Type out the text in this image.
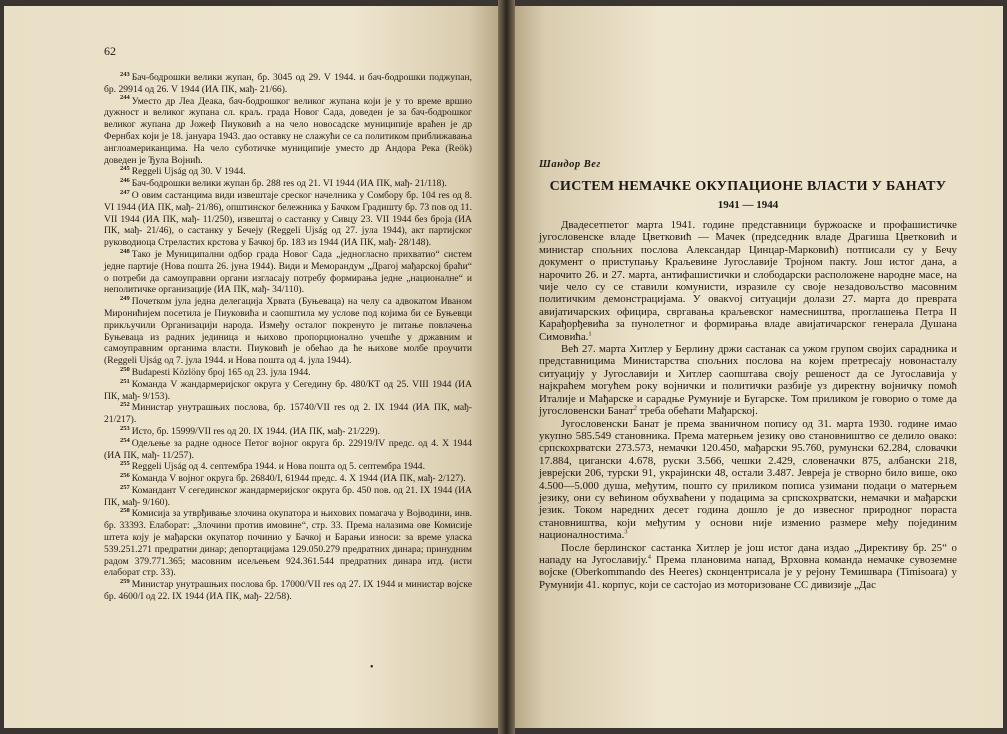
62

$^{243}$ Бач-бодрошки велики жупан, бр. 3045 од 29. V 1944. и бач-бодрошки поджупан, бр. 29914 од 26. V 1944 (ИА ПК, мађ- 21/66).

$^{244}$ Уместо др Леа Деака, бач-бодрошког великог жупана који је у то време вршио дужност и великог жупана сл. краљ. града Новог Сада, доведен је за бач-бодрошког великог жупана др Јожеф Пиуковић а на чело новосадске муниципије враћен је др Фернбах који је 18. јануара 1943. дао оставку не слажући се са политиком приближавања англоамериканцима. На чело суботичке муниципије уместо др Андора Река (Reök) доведен је Ђула Војнић.

$^{245}$ Reggeli Ujság од 30. V 1944.

$^{246}$ Бач-бодрошки велики жупан бр. 288 res од 21. VI 1944 (ИА ПК, мађ- 21/118).

$^{247}$ О овим састанцима види извештаје среског начелника у Сомбору бр. 104 res од 8. VI 1944 (ИА ПК, мађ- 21/86), општинског бележника у Бачком Градишту бр. 73 пов од 11. VII 1944 (ИА ПК, мађ- 11/250), извештај о састанку у Сивцу 23. VII 1944 без броја (ИА ПК, мађ- 21/46), о састанку у Бечеју (Reggeli Ujság од 27. јула 1944), акт партијског руководиоца Стреластих крстова у Бачкој бр. 183 из 1944 (ИА ПК, мађ- 28/148).

$^{248}$ Тако је Муниципални одбор града Новог Сада „једногласно прихватио“ систем једне партије (Нова пошта 26. јуна 1944). Види и Меморандум „Драгој мађарској браћи“ о потреби да самоуправни органи изгласају потребу формирања једне „националне“ и неполитичке организације (ИА ПК, мађ- 34/110).

$^{249}$ Почетком јула једна делегација Хрвата (Буњеваца) на челу са адвокатом Иваном Миронићијем посетила је Пиуковића и саопштила му услове под којима би се Буњевци прикључили Организацији народа. Између осталог покренуто је питање повлачења Буњеваца из радних јединица и њихово пропорционално учешће у државним и самоуправним органима власти. Пиуковић је обећао да ће њихове молбе проучити (Reggeli Ujság од 7. јула 1944. и Нова пошта од 4. јула 1944).

$^{250}$ Budapesti Közlöny број 165 од 23. јула 1944.

$^{251}$ Команда V жандармеријског округа у Сегедину бр. 480/КТ од 25. VIII 1944 (ИА ПК, мађ- 9/153).

$^{252}$ Министар унутрашњих послова, бр. 15740/VII res од 2. IX 1944 (ИА ПК, мађ- 21/217).

$^{253}$ Исто, бр. 15999/VII res од 20. IX 1944. (ИА ПК, мађ- 21/229).

$^{254}$ Одељење за радне односе Петог војног округа бр. 22919/IV предс. од 4. X 1944 (ИА ПК, мађ- 11/257).

$^{255}$ Reggeli Ujság од 4. септембра 1944. и Нова пошта од 5. септембра 1944.

$^{256}$ Команда V војног округа бр. 26840/I, 61944 предс. 4. X 1944 (ИА ПК, мађ- 2/127).

$^{257}$ Командант V сегединског жандармеријског округа бр. 450 пов. од 21. IX 1944 (ИА ПК, мађ- 9/160).

$^{258}$ Комисија за утврђивање злочина окупатора и њихових помагача у Војводини, инв. бр. 33393. Елаборат: „Злочини против имовине“, стр. 33. Према налазима ове Комисије штета коју је мађарски окупатор починио у Бачкој и Барањи износи: за време уласка 539.251.271 предратни динар; депортацијама 129.050.279 предратних динара; принудним радом 379.771.365; масовним исељењем 924.361.544 предратних динара итд. (исти елаборат стр. 33).

$^{259}$ Министар унутрашњих послова бр. 17000/VII res од 27. IX 1944 и министар војске бр. 4600/I од 22. IX 1944 (ИА ПК, мађ- 22/58).

•
Шандор Вег
СИСТЕМ НЕМАЧКЕ ОКУПАЦИОНЕ ВЛАСТИ У БАНАТУ
1941 — 1944

Двадесетпетог марта 1941. године представници буржоаске и профашистичке југословенске владе Цветковић — Мачек (председник владе Драгиша Цветковић и министар спољних послова Александар Цинцар-Марковић) потписали су у Бечу документ о приступању Краљевине Југославије Тројном пакту. Још истог дана, а нарочито 26. и 27. марта, антифашистички и слободарски расположене народне масе, на чије чело су се ставили комунисти, изразиле су своје незадовољство масовним политичким демонстрацијама. У овакvoj ситуацији долази 27. марта до превратa авијатичарских официра, свргавања краљевског намесништва, проглашења Петра II Карађорђевића за пунолетног и формирања владе авијатичарског генерала Душана Симовића.$^1$

Већ 27. марта Хитлер у Берлину држи састанак са ужом групом својих сарадника и представницима Министарства спољних послова на којем претресају новонасталу ситуацију у Југославији и Хитлер саопштава своју решеност да се Југославија у најкраћем могућем року војнички и политички разбије уз директну војничку помоћ Италије и Мађарске и сарадње Румуније и Бугарске. Том приликом је говорио о томе да југословенски Банат$^2$ треба обећати Мађарској.

Југословенски Банат је према званичном попису од 31. марта 1930. године имао укупно 585.549 становника. Према матерњем језику ово становништво се делило овако: српскохрватски 273.573, немачки 120.450, мађарски 95.760, румунски 62.284, словачки 17.884, цигански 4.678, руски 3.566, чешки 2.429, словеначки 875, албански 218, јеврејски 206, турски 91, украјински 48, остали 3.487. Јевреја је створно било више, око 4.500—5.000 душа, међутим, пошто су приликом пописа узимани подаци о матерњем језику, они су већином обухваћени у подацима за српскохрватски, немачки и мађарски језик. Током наредних десет година дошло је до извесног природног пораста становништва, који међутим у основи није изменио размере међу појединим националностима.$^3$

После берлинског састанка Хитлер је још истог дана издао „Директиву бр. 25“ о нападу на Југославију.$^4$ Према плановима напад, Врховна команда немачке сувоземне војске (Oberkommando des Heeres) сконцентрисала је у рејону Темишвара (Timisoara) у Румунији 41. корпус, који се састојао из моторизоване СС дивизије „Дас
